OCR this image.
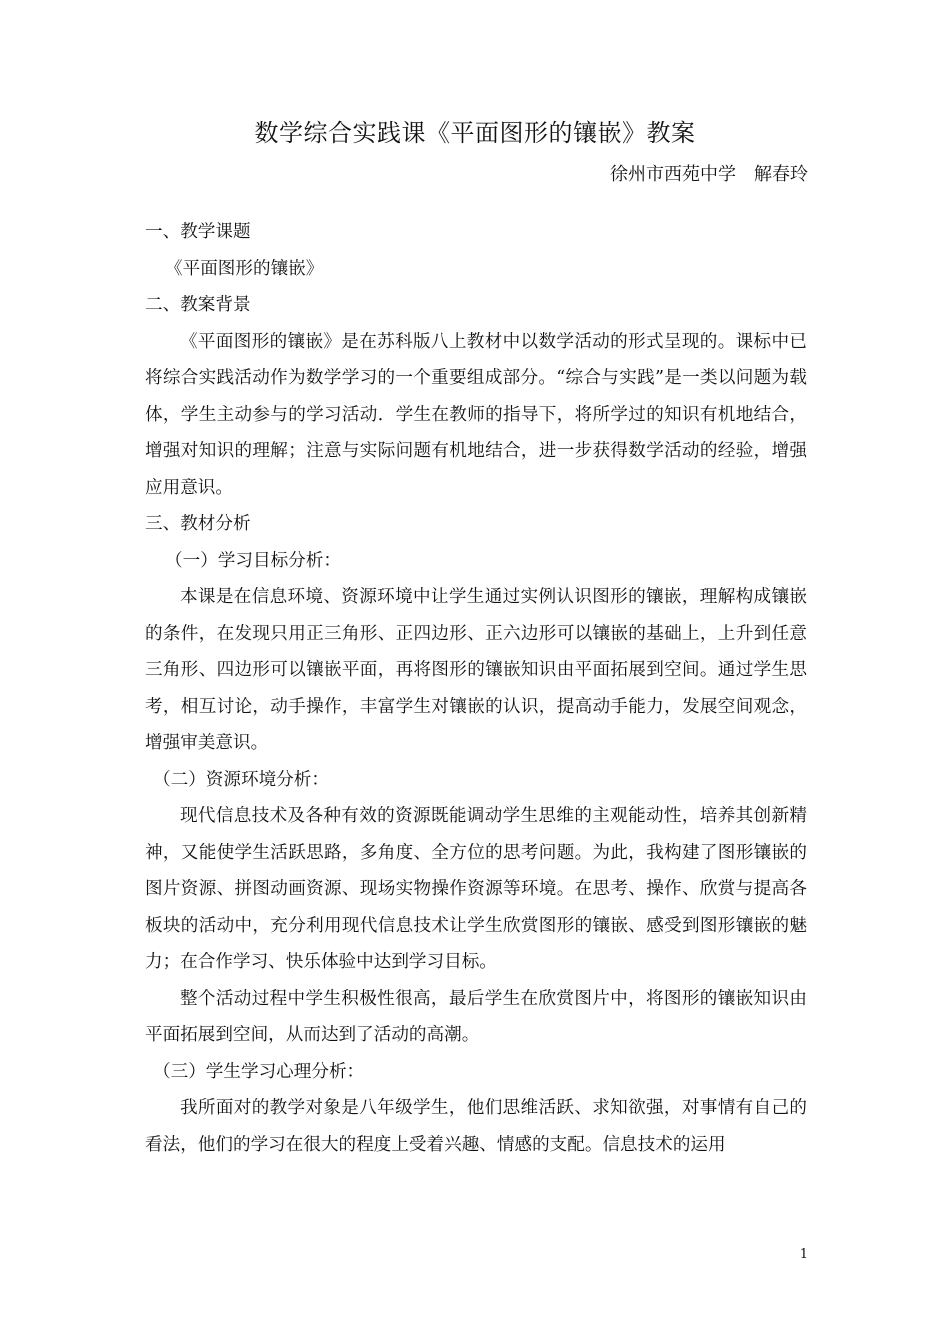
数学综合实践课《平面图形的镶嵌》教案
徐州市西苑中学　解春玲

一、教学课题

《平面图形的镶嵌》

二、教案背景

《平面图形的镶嵌》是在苏科版八上教材中以数学活动的形式呈现的。课标中已将综合实践活动作为数学学习的一个重要组成部分。“综合与实践”是一类以问题为载体，学生主动参与的学习活动．学生在教师的指导下，将所学过的知识有机地结合，增强对知识的理解；注意与实际问题有机地结合，进一步获得数学活动的经验，增强应用意识。

三、教材分析

（一）学习目标分析：

本课是在信息环境、资源环境中让学生通过实例认识图形的镶嵌，理解构成镶嵌的条件，在发现只用正三角形、正四边形、正六边形可以镶嵌的基础上，上升到任意三角形、四边形可以镶嵌平面，再将图形的镶嵌知识由平面拓展到空间。通过学生思考，相互讨论，动手操作，丰富学生对镶嵌的认识，提高动手能力，发展空间观念，增强审美意识。

（二）资源环境分析：

现代信息技术及各种有效的资源既能调动学生思维的主观能动性，培养其创新精神，又能使学生活跃思路，多角度、全方位的思考问题。为此，我构建了图形镶嵌的图片资源、拼图动画资源、现场实物操作资源等环境。在思考、操作、欣赏与提高各板块的活动中，充分利用现代信息技术让学生欣赏图形的镶嵌、感受到图形镶嵌的魅力；在合作学习、快乐体验中达到学习目标。

整个活动过程中学生积极性很高，最后学生在欣赏图片中，将图形的镶嵌知识由平面拓展到空间，从而达到了活动的高潮。

（三）学生学习心理分析：

我所面对的教学对象是八年级学生，他们思维活跃、求知欲强，对事情有自己的看法，他们的学习在很大的程度上受着兴趣、情感的支配。信息技术的运用

1
